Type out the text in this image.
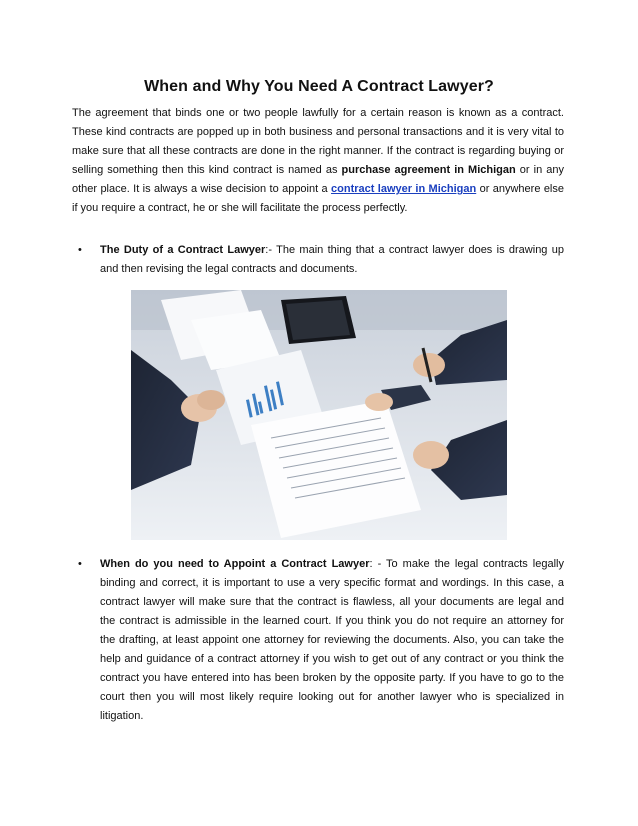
When and Why You Need A Contract Lawyer?

The agreement that binds one or two people lawfully for a certain reason is known as a contract. These kind contracts are popped up in both business and personal transactions and it is very vital to make sure that all these contracts are done in the right manner. If the contract is regarding buying or selling something then this kind contract is named as purchase agreement in Michigan or in any other place. It is always a wise decision to appoint a contract lawyer in Michigan or anywhere else if you require a contract, he or she will facilitate the process perfectly.

• The Duty of a Contract Lawyer:- The main thing that a contract lawyer does is drawing up and then revising the legal contracts and documents.
• When do you need to Appoint a Contract Lawyer: - To make the legal contracts legally binding and correct, it is important to use a very specific format and wordings. In this case, a contract lawyer will make sure that the contract is flawless, all your documents are legal and the contract is admissible in the learned court. If you think you do not require an attorney for the drafting, at least appoint one attorney for reviewing the documents. Also, you can take the help and guidance of a contract attorney if you wish to get out of any contract or you think the contract you have entered into has been broken by the opposite party. If you have to go to the court then you will most likely require looking out for another lawyer who is specialized in litigation.
